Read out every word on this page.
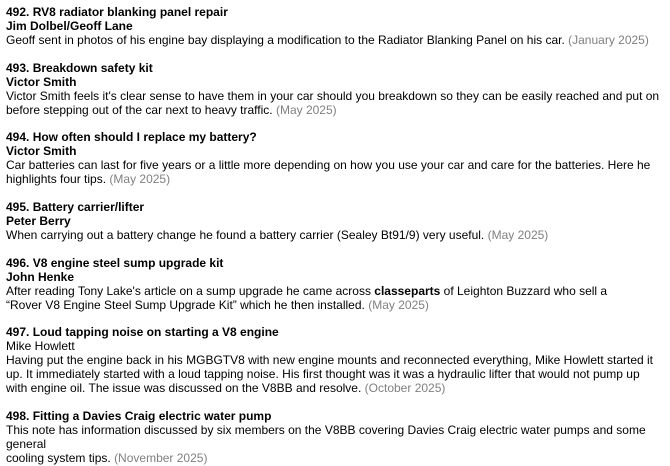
492. RV8 radiator blanking panel repair
Jim Dolbel/Geoff Lane
Geoff sent in photos of his engine bay displaying a modification to the Radiator Blanking Panel on his car. (January 2025)
493. Breakdown safety kit
Victor Smith
Victor Smith feels it's clear sense to have them in your car should you breakdown so they can be easily reached and put on before stepping out of the car next to heavy traffic. (May 2025)
494. How often should I replace my battery?
Victor Smith
Car batteries can last for five years or a little more depending on how you use your car and care for the batteries. Here he highlights four tips. (May 2025)
495. Battery carrier/lifter
Peter Berry
When carrying out a battery change he found a battery carrier (Sealey Bt91/9) very useful. (May 2025)
496. V8 engine steel sump upgrade kit
John Henke
After reading Tony Lake's article on a sump upgrade he came across classeparts of Leighton Buzzard who sell a
“Rover V8 Engine Steel Sump Upgrade Kit” which he then installed. (May 2025)
497. Loud tapping noise on starting a V8 engine
Mike Howlett
Having put the engine back in his MGBGTV8 with new engine mounts and reconnected everything, Mike Howlett started it up. It immediately started with a loud tapping noise. His first thought was it was a hydraulic lifter that would not pump up with engine oil. The issue was discussed on the V8BB and resolve. (October 2025)
498. Fitting a Davies Craig electric water pump
This note has information discussed by six members on the V8BB covering Davies Craig electric water pumps and some general
cooling system tips. (November 2025)
